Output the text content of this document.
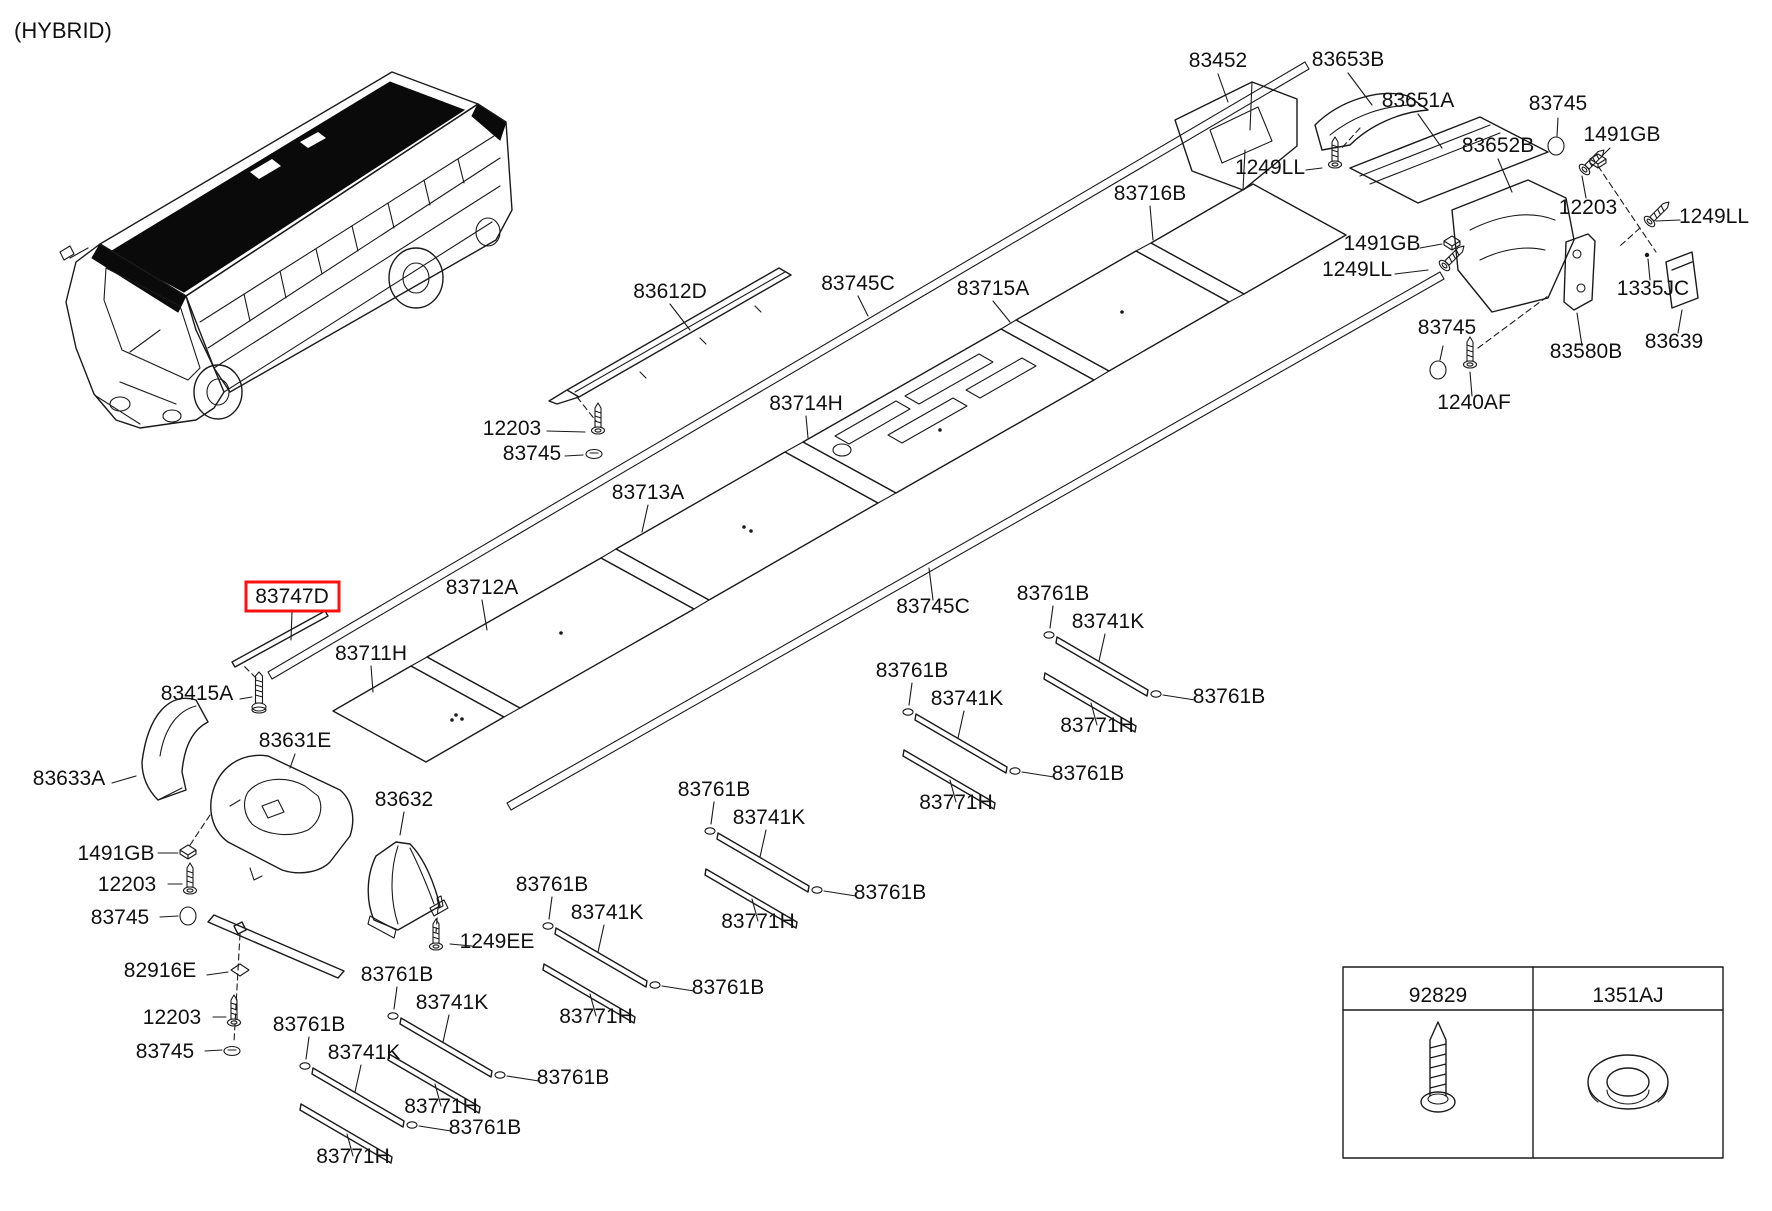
83771H
83761B
(HYBRID)
83711H
83712A
83713A
83714H
83715A
83716B
83745C
83745C
12203
83745
83612D
83452	83653B
1249LL
83651A
83652B
83745
1491GB
12203	1249LL
1491GB
1249LL
1335JC
83639
83580B
83745
1240AF
83747D
83415A
83633A
83631E
1491GB
12203
83745
82916E
12203
83745
83632
1249EE
92829	1351AJ
